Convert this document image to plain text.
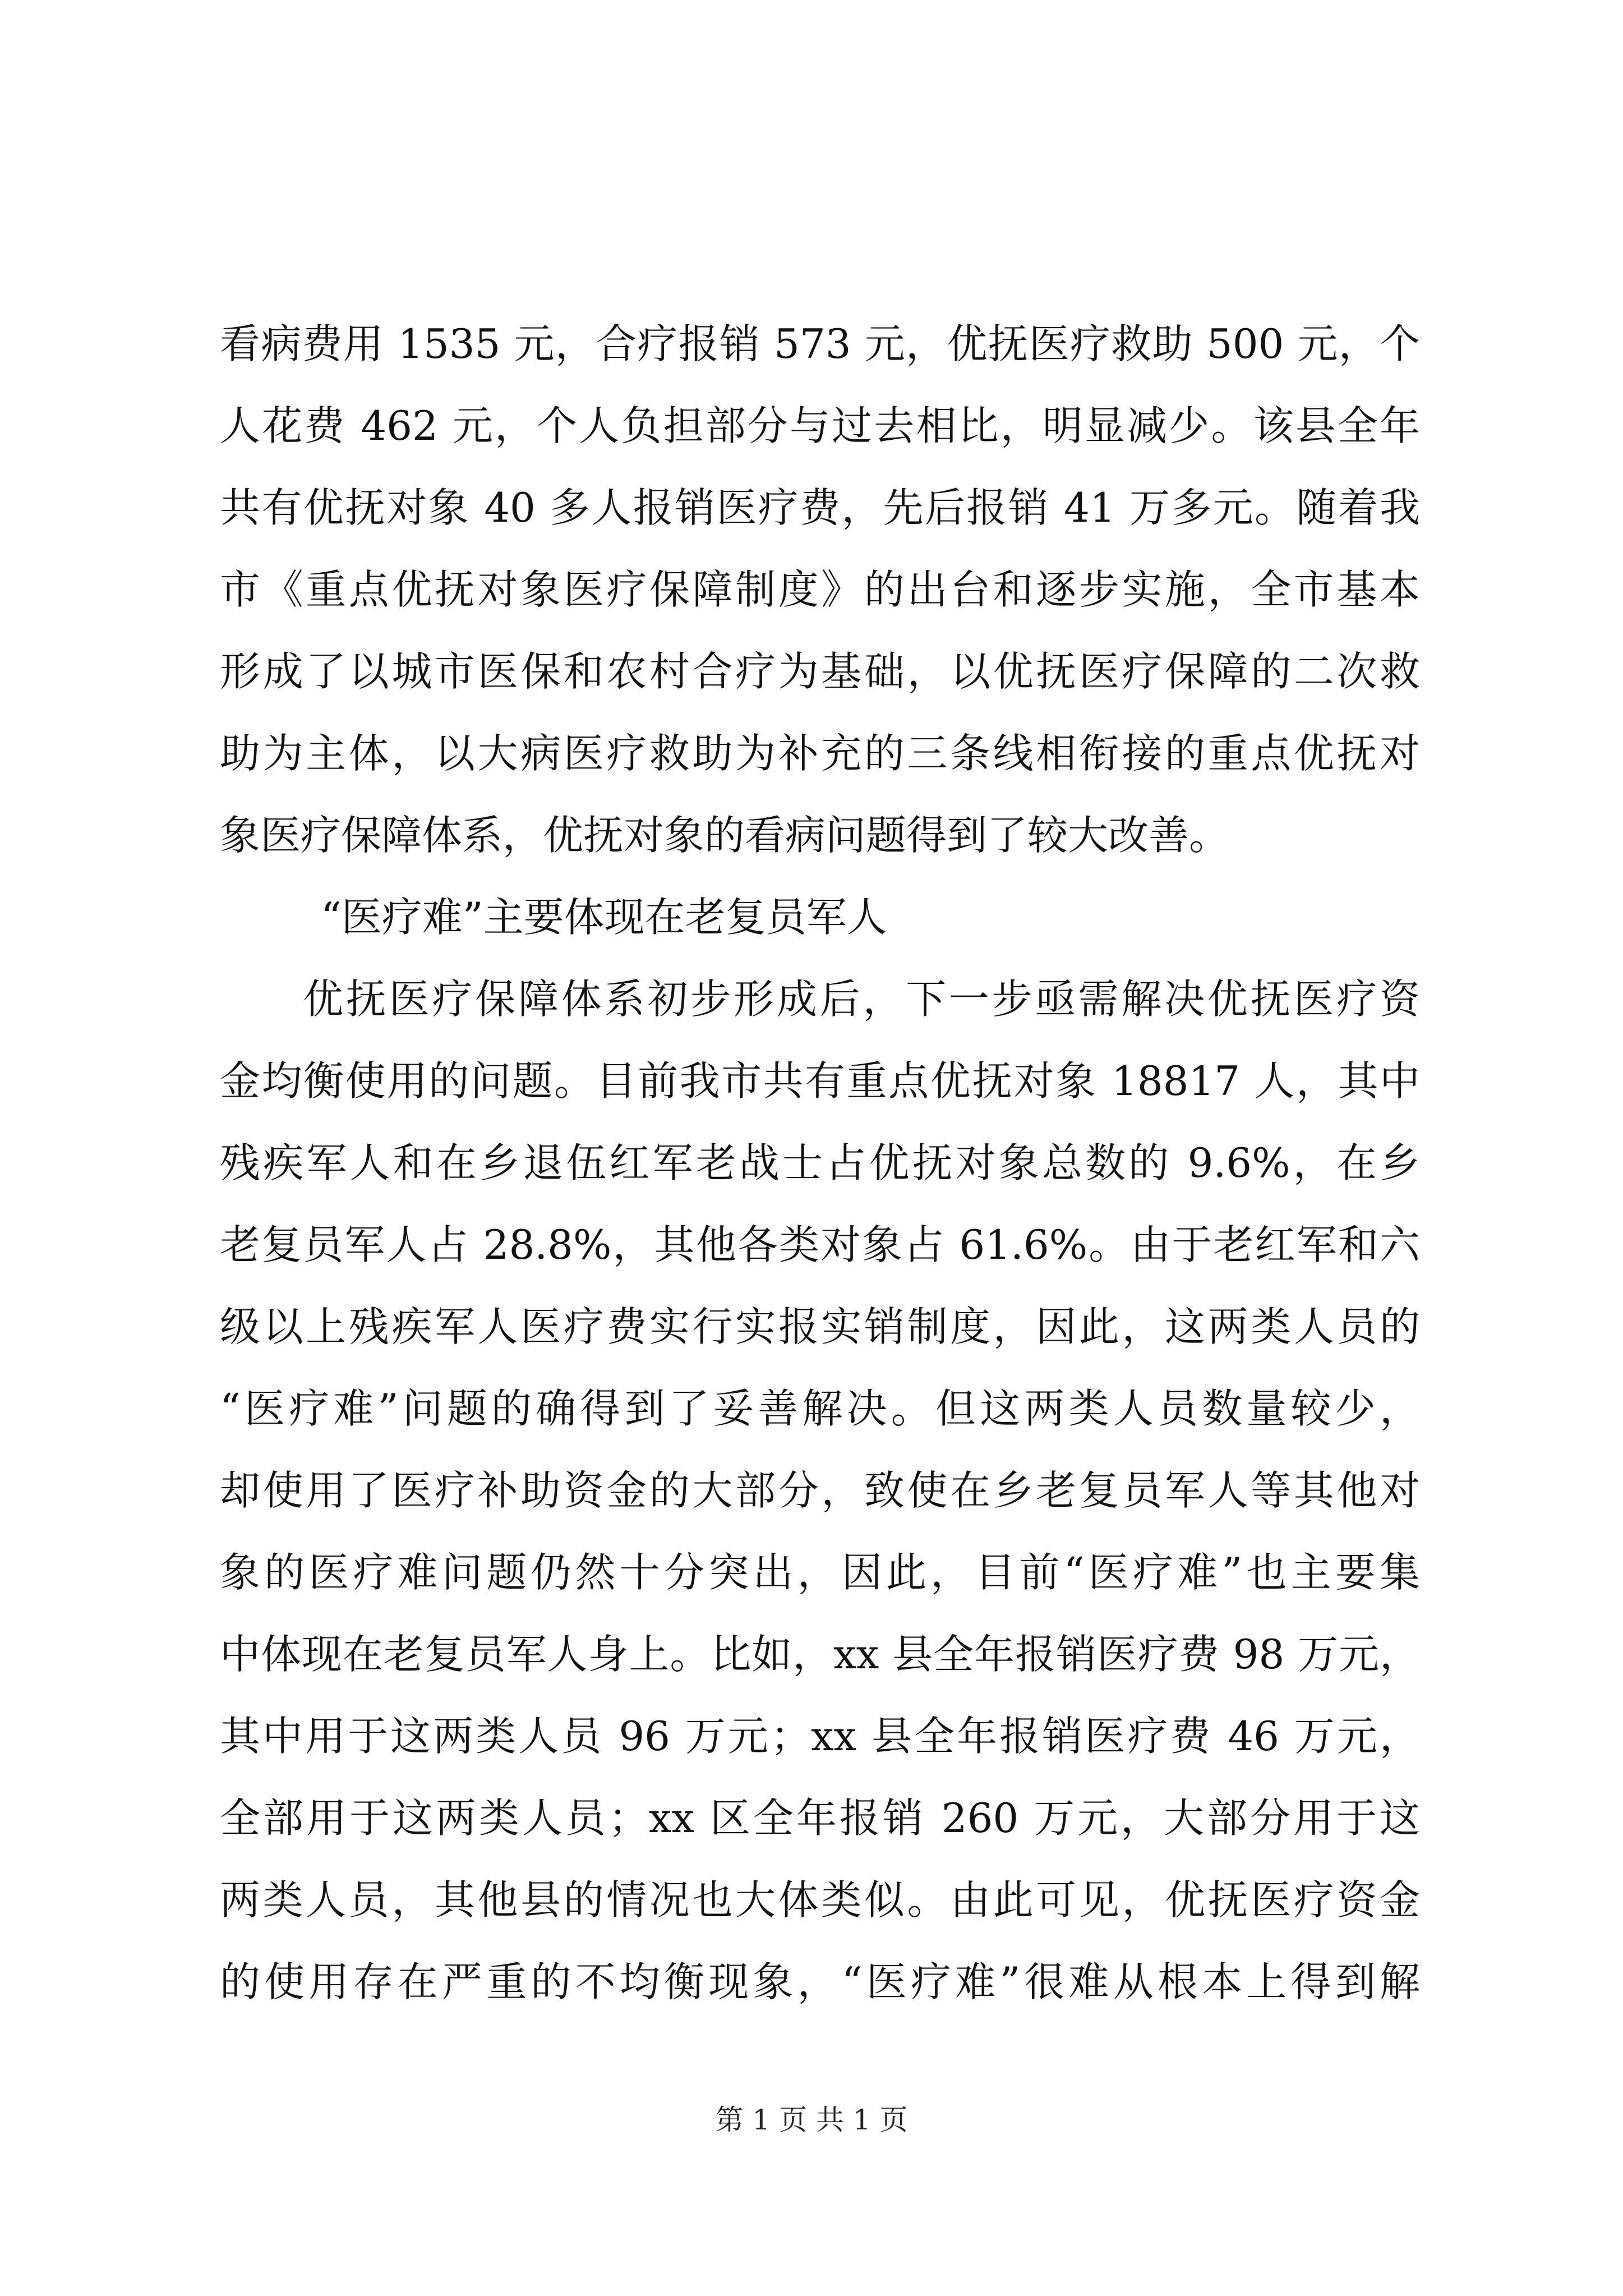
看病费用 1535 元，合疗报销 573 元，优抚医疗救助 500 元，个
人花费 462 元，个人负担部分与过去相比，明显减少。该县全年
共有优抚对象 40 多人报销医疗费，先后报销 41 万多元。随着我
市《重点优抚对象医疗保障制度》的出台和逐步实施，全市基本
形成了以城市医保和农村合疗为基础，以优抚医疗保障的二次救
助为主体，以大病医疗救助为补充的三条线相衔接的重点优抚对
象医疗保障体系，优抚对象的看病问题得到了较大改善。
“医疗难”主要体现在老复员军人
优抚医疗保障体系初步形成后，下一步亟需解决优抚医疗资
金均衡使用的问题。目前我市共有重点优抚对象 18817 人，其中
残疾军人和在乡退伍红军老战士占优抚对象总数的 9.6%，在乡
老复员军人占 28.8%，其他各类对象占 61.6%。由于老红军和六
级以上残疾军人医疗费实行实报实销制度，因此，这两类人员的
“医疗难”问题的确得到了妥善解决。但这两类人员数量较少，
却使用了医疗补助资金的大部分，致使在乡老复员军人等其他对
象的医疗难问题仍然十分突出，因此，目前“医疗难”也主要集
中体现在老复员军人身上。比如，xx 县全年报销医疗费 98 万元，
其中用于这两类人员 96 万元；xx 县全年报销医疗费 46 万元，
全部用于这两类人员；xx 区全年报销 260 万元，大部分用于这
两类人员，其他县的情况也大体类似。由此可见，优抚医疗资金
的使用存在严重的不均衡现象，“医疗难”很难从根本上得到解
第 1 页 共 1 页
